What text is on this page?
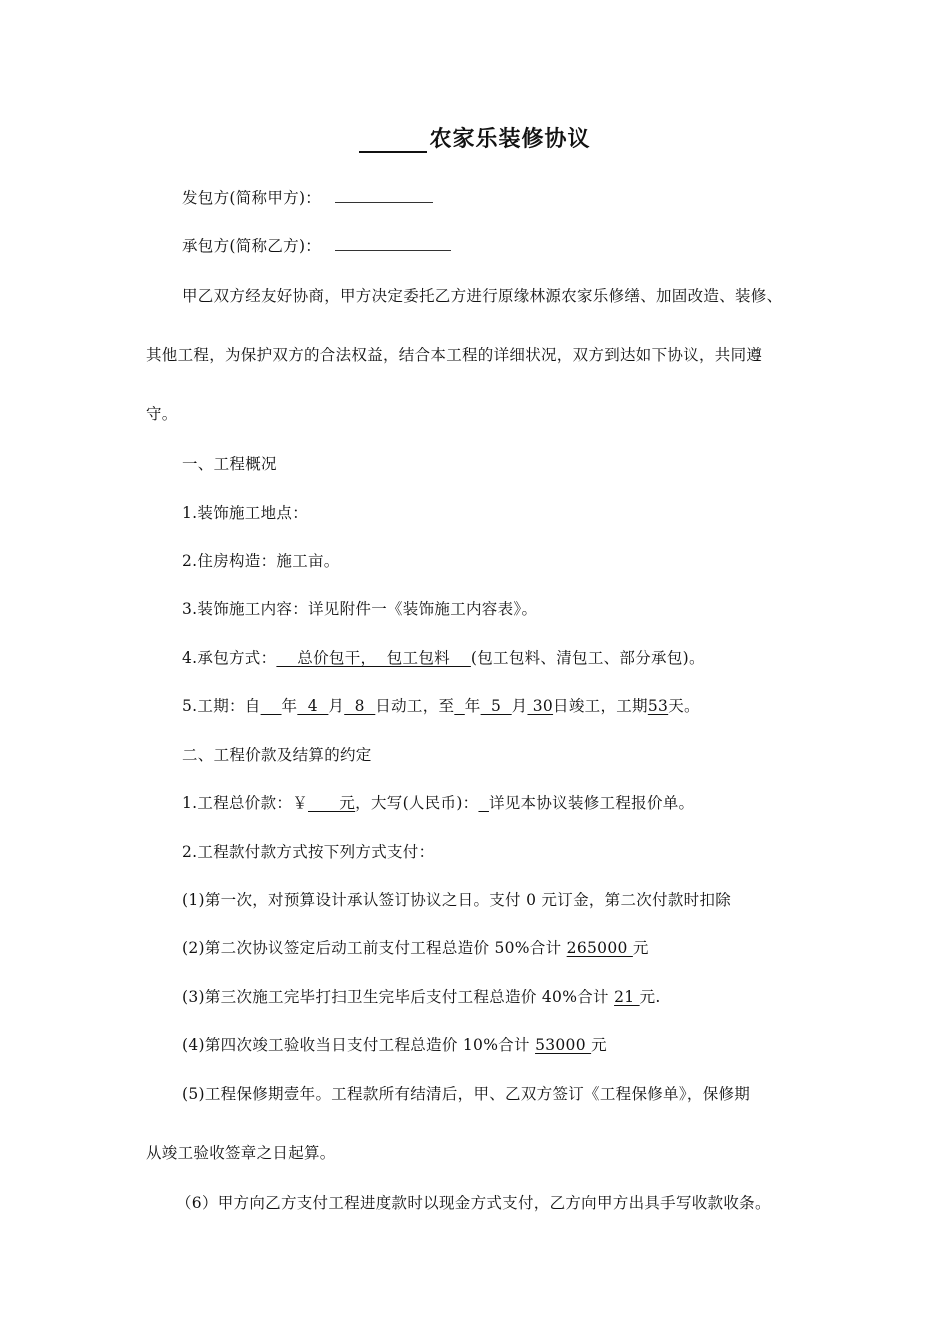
农家乐装修协议
发包方(简称甲方)：
承包方(简称乙方)：
甲乙双方经友好协商，甲方决定委托乙方进行原缘林源农家乐修缮、加固改造、装修、
其他工程，为保护双方的合法权益，结合本工程的详细状况，双方到达如下协议，共同遵
守。
一、工程概况
1.装饰施工地点：
2.住房构造：施工亩。
3.装饰施工内容：详见附件一《装饰施工内容表》。
4.承包方式：    总价包干，  包工包料    (包工包料、清包工、部分承包)。
5.工期：自 年  4  月  8  日动工，至 年  5  月 30日竣工，工期53天。
二、工程价款及结算的约定
1.工程总价款：￥      元，大写(人民币)： 详见本协议装修工程报价单。
2.工程款付款方式按下列方式支付：
(1)第一次，对预算设计承认签订协议之日。支付 0 元订金，第二次付款时扣除
(2)第二次协议签定后动工前支付工程总造价 50%合计 265000 元
(3)第三次施工完毕打扫卫生完毕后支付工程总造价 40%合计 21 元.
(4)第四次竣工验收当日支付工程总造价 10%合计 53000 元
(5)工程保修期壹年。工程款所有结清后，甲、乙双方签订《工程保修单》，保修期
从竣工验收签章之日起算。
（6）甲方向乙方支付工程进度款时以现金方式支付，乙方向甲方出具手写收款收条。
